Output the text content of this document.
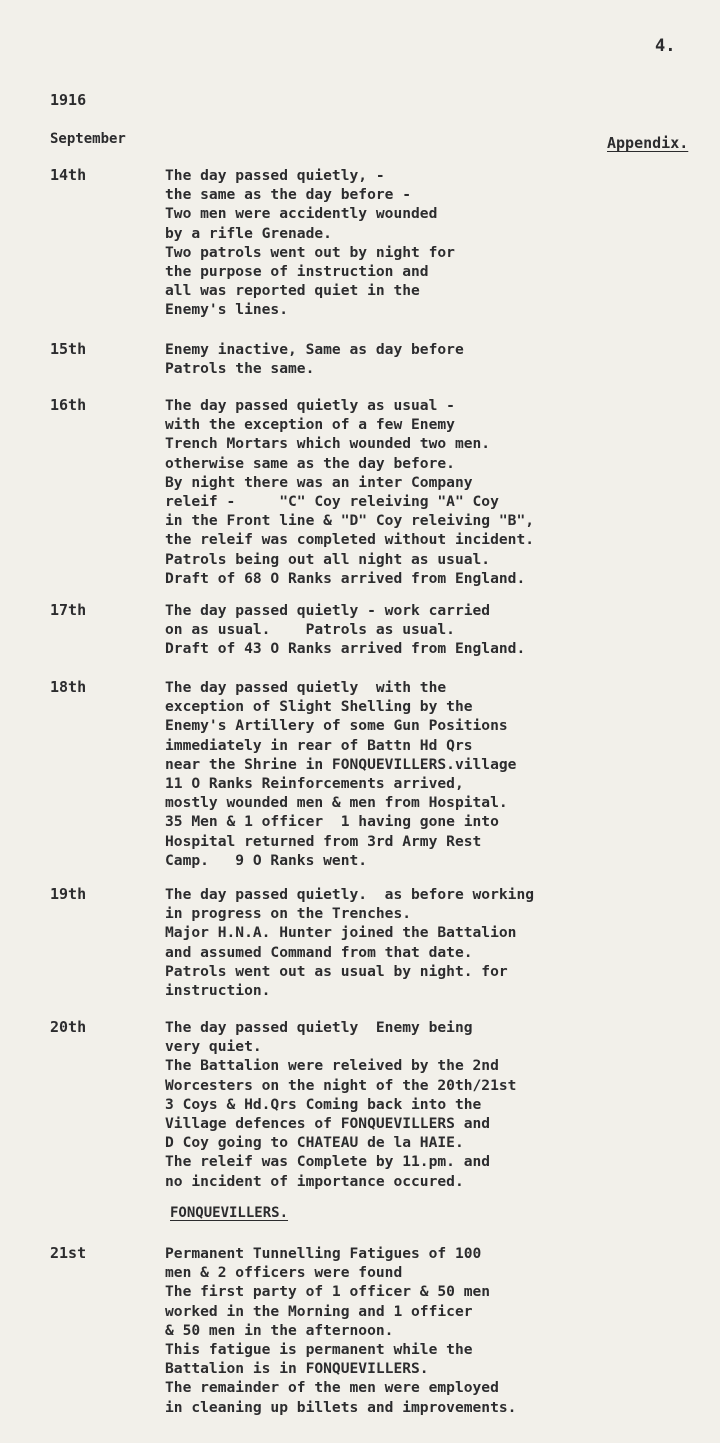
4.

1916

September	Appendix.

14th	The day passed quietly, -
the same as the day before -
Two men were accidently wounded
by a rifle Grenade.
Two patrols went out by night for
the purpose of instruction and
all was reported quiet in the
Enemy's lines.

15th	Enemy inactive, Same as day before
Patrols the same.

16th	The day passed quietly as usual -
with the exception of a few Enemy
Trench Mortars which wounded two men.
otherwise same as the day before.
By night there was an inter Company
releif -     "C" Coy releiving "A" Coy
in the Front line & "D" Coy releiving "B",
the releif was completed without incident.
Patrols being out all night as usual.
Draft of 68 O Ranks arrived from England.

17th	The day passed quietly - work carried
on as usual.    Patrols as usual.
Draft of 43 O Ranks arrived from England.

18th	The day passed quietly  with the
exception of Slight Shelling by the
Enemy's Artillery of some Gun Positions
immediately in rear of Battn Hd Qrs
near the Shrine in FONQUEVILLERS.village
11 O Ranks Reinforcements arrived,
mostly wounded men & men from Hospital.
35 Men & 1 officer  1 having gone into
Hospital returned from 3rd Army Rest
Camp.   9 O Ranks went.

19th	The day passed quietly.  as before working
in progress on the Trenches.
Major H.N.A. Hunter joined the Battalion
and assumed Command from that date.
Patrols went out as usual by night. for
instruction.

20th	The day passed quietly  Enemy being
very quiet.
The Battalion were releived by the 2nd
Worcesters on the night of the 20th/21st
3 Coys & Hd.Qrs Coming back into the
Village defences of FONQUEVILLERS and
D Coy going to CHATEAU de la HAIE.
The releif was Complete by 11.pm. and
no incident of importance occured.

FONQUEVILLERS.

21st	Permanent Tunnelling Fatigues of 100
men & 2 officers were found
The first party of 1 officer & 50 men
worked in the Morning and 1 officer
& 50 men in the afternoon.
This fatigue is permanent while the
Battalion is in FONQUEVILLERS.
The remainder of the men were employed
in cleaning up billets and improvements.
